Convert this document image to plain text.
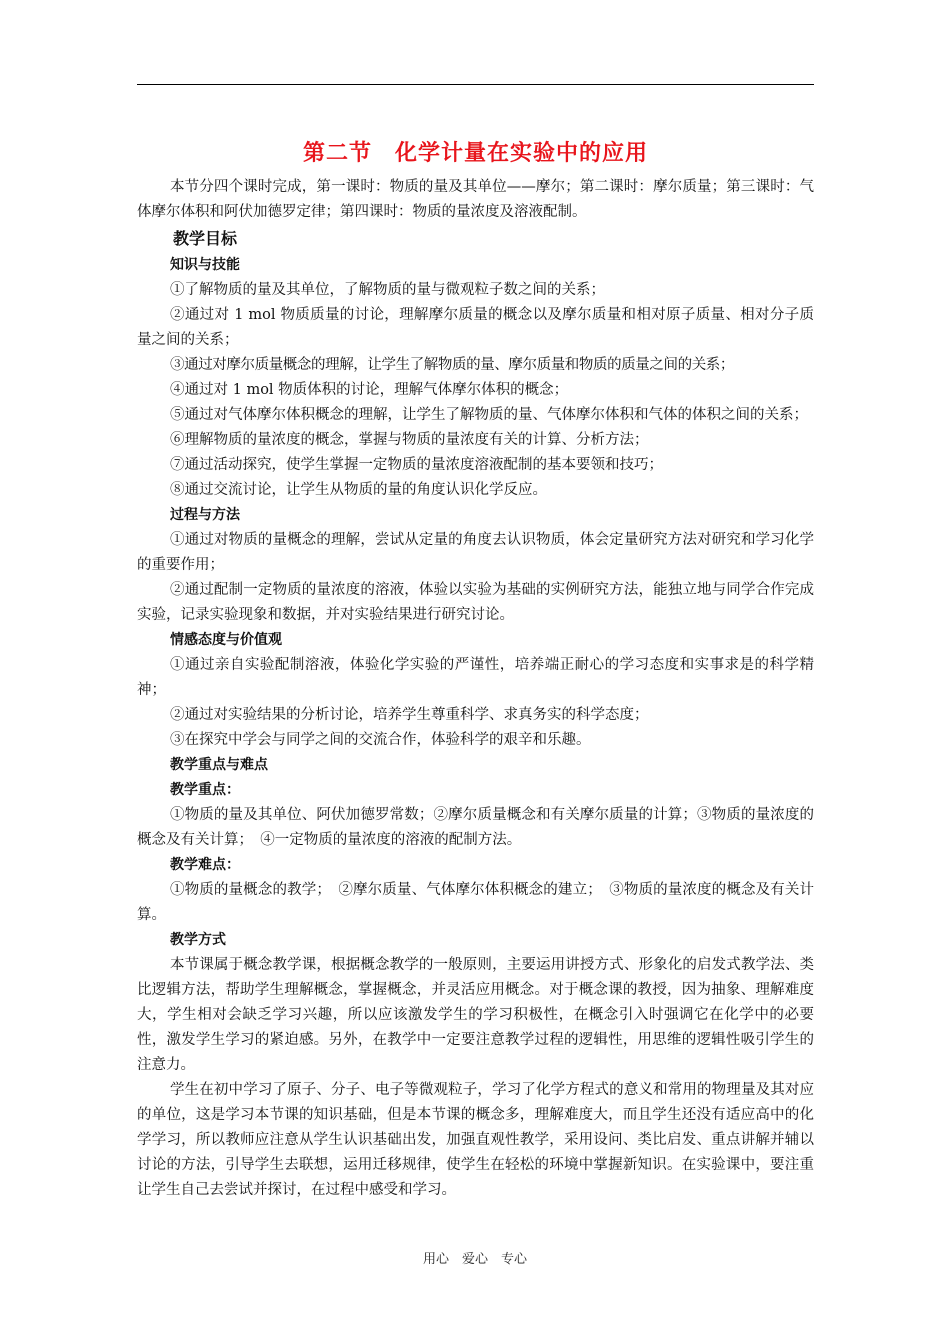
第二节　化学计量在实验中的应用

本节分四个课时完成，第一课时：物质的量及其单位——摩尔；第二课时：摩尔质量；第三课时：气体摩尔体积和阿伏加德罗定律；第四课时：物质的量浓度及溶液配制。

教学目标
知识与技能

①了解物质的量及其单位，了解物质的量与微观粒子数之间的关系；

②通过对 1 mol 物质质量的讨论，理解摩尔质量的概念以及摩尔质量和相对原子质量、相对分子质量之间的关系；

③通过对摩尔质量概念的理解，让学生了解物质的量、摩尔质量和物质的质量之间的关系；

④通过对 1 mol 物质体积的讨论，理解气体摩尔体积的概念；

⑤通过对气体摩尔体积概念的理解，让学生了解物质的量、气体摩尔体积和气体的体积之间的关系；

⑥理解物质的量浓度的概念，掌握与物质的量浓度有关的计算、分析方法；

⑦通过活动探究，使学生掌握一定物质的量浓度溶液配制的基本要领和技巧；

⑧通过交流讨论，让学生从物质的量的角度认识化学反应。

过程与方法

①通过对物质的量概念的理解，尝试从定量的角度去认识物质，体会定量研究方法对研究和学习化学的重要作用；

②通过配制一定物质的量浓度的溶液，体验以实验为基础的实例研究方法，能独立地与同学合作完成实验，记录实验现象和数据，并对实验结果进行研究讨论。

情感态度与价值观

①通过亲自实验配制溶液，体验化学实验的严谨性，培养端正耐心的学习态度和实事求是的科学精神；

②通过对实验结果的分析讨论，培养学生尊重科学、求真务实的科学态度；

③在探究中学会与同学之间的交流合作，体验科学的艰辛和乐趣。

教学重点与难点
教学重点：

①物质的量及其单位、阿伏加德罗常数；②摩尔质量概念和有关摩尔质量的计算；③物质的量浓度的概念及有关计算；　④一定物质的量浓度的溶液的配制方法。

教学难点：

①物质的量概念的教学；　②摩尔质量、气体摩尔体积概念的建立；　③物质的量浓度的概念及有关计算。

教学方式

本节课属于概念教学课，根据概念教学的一般原则，主要运用讲授方式、形象化的启发式教学法、类比逻辑方法，帮助学生理解概念，掌握概念，并灵活应用概念。对于概念课的教授，因为抽象、理解难度大，学生相对会缺乏学习兴趣，所以应该激发学生的学习积极性，在概念引入时强调它在化学中的必要性，激发学生学习的紧迫感。另外，在教学中一定要注意教学过程的逻辑性，用思维的逻辑性吸引学生的注意力。

学生在初中学习了原子、分子、电子等微观粒子，学习了化学方程式的意义和常用的物理量及其对应的单位，这是学习本节课的知识基础，但是本节课的概念多，理解难度大，而且学生还没有适应高中的化学学习，所以教师应注意从学生认识基础出发，加强直观性教学，采用设问、类比启发、重点讲解并辅以讨论的方法，引导学生去联想，运用迁移规律，使学生在轻松的环境中掌握新知识。在实验课中，要注重让学生自己去尝试并探讨，在过程中感受和学习。

用心　爱心　专心
